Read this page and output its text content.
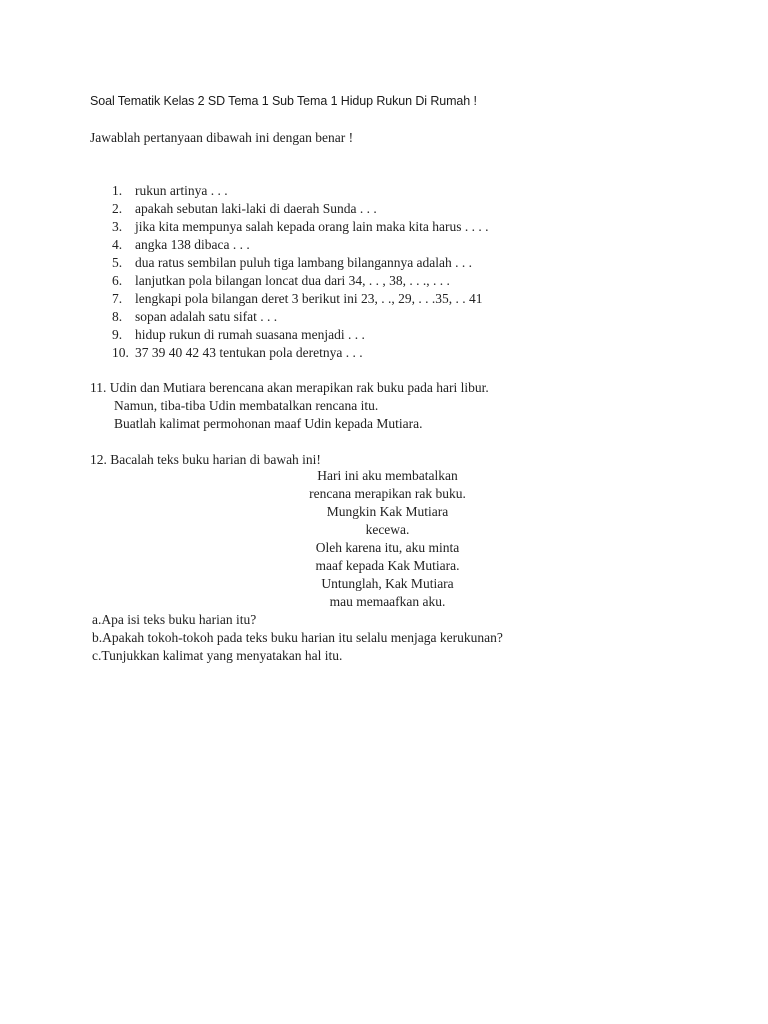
Soal Tematik Kelas 2 SD Tema 1 Sub Tema 1 Hidup Rukun Di Rumah !
Jawablah pertanyaan dibawah ini dengan benar !
1. rukun artinya . . .
2. apakah sebutan laki-laki di daerah Sunda . . .
3. jika kita mempunya salah kepada orang lain maka kita harus . . . .
4. angka 138 dibaca . . .
5. dua ratus sembilan puluh tiga lambang bilangannya adalah . . .
6. lanjutkan pola bilangan loncat dua dari 34, . . , 38, . . ., . . .
7. lengkapi pola bilangan deret 3 berikut ini 23, . ., 29, . . .35, . . 41
8. sopan adalah satu sifat . . .
9. hidup rukun di rumah suasana menjadi . . .
10. 37 39 40 42 43 tentukan pola deretnya . . .
11. Udin dan Mutiara berencana akan merapikan rak buku pada hari libur.
Namun, tiba-tiba Udin membatalkan rencana itu.
Buatlah kalimat permohonan maaf Udin kepada Mutiara.
12. Bacalah teks buku harian di bawah ini!
Hari ini aku membatalkan
rencana merapikan rak buku.
Mungkin Kak Mutiara
kecewa.
Oleh karena itu, aku minta
maaf kepada Kak Mutiara.
Untunglah, Kak Mutiara
mau memaafkan aku.
a.Apa isi teks buku harian itu?
b.Apakah tokoh-tokoh pada teks buku harian itu selalu menjaga kerukunan?
c.Tunjukkan kalimat yang menyatakan hal itu.
